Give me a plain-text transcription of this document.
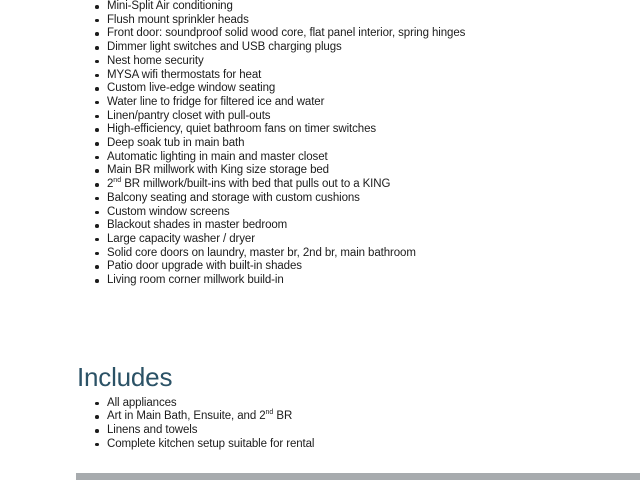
Mini-Split Air conditioning
Flush mount sprinkler heads
Front door: soundproof solid wood core, flat panel interior, spring hinges
Dimmer light switches and USB charging plugs
Nest home security
MYSA wifi thermostats for heat
Custom live-edge window seating
Water line to fridge for filtered ice and water
Linen/pantry closet with pull-outs
High-efficiency, quiet bathroom fans on timer switches
Deep soak tub in main bath
Automatic lighting in main and master closet
Main BR millwork with King size storage bed
2nd BR millwork/built-ins with bed that pulls out to a KING
Balcony seating and storage with custom cushions
Custom window screens
Blackout shades in master bedroom
Large capacity washer / dryer
Solid core doors on laundry, master br, 2nd br, main bathroom
Patio door upgrade with built-in shades
Living room corner millwork build-in
Includes
All appliances
Art in Main Bath, Ensuite, and 2nd BR
Linens and towels
Complete kitchen setup suitable for rental
